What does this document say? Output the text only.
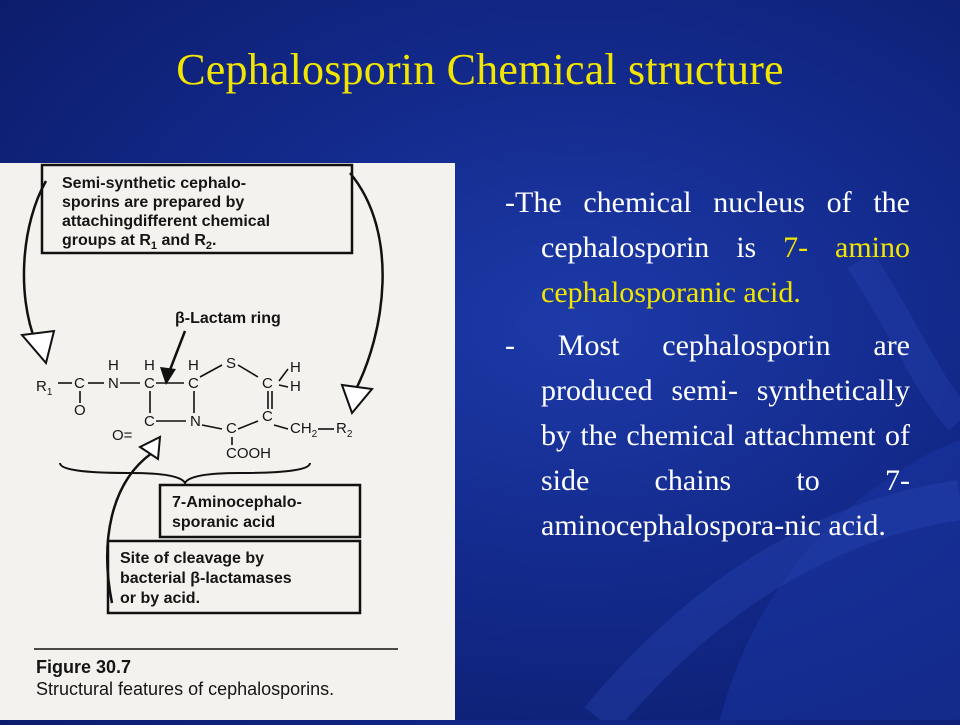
Cephalosporin Chemical structure
Semi-synthetic cephalo-
sporins are prepared by
attachingdifferent chemical
groups at $R_1$ and $R_2$.
β-Lactam ring
$R_1$
C
O
H
N
H
C
H
C
S
C
H
H
C
O=
N C
COOH
C
$CH_2$ $R_2$
7-Aminocephalo-
sporanic acid
Site of cleavage by
bacterial β-lactamases
or by acid.
Figure 30.7
Structural features of cephalosporins.

-The chemical nucleus of the cephalosporin is 7- amino cephalosporanic acid.

- Most cephalosporin are produced semi- synthetically by the chemical attachment of side chains to 7- aminocephalospora-nic acid.
